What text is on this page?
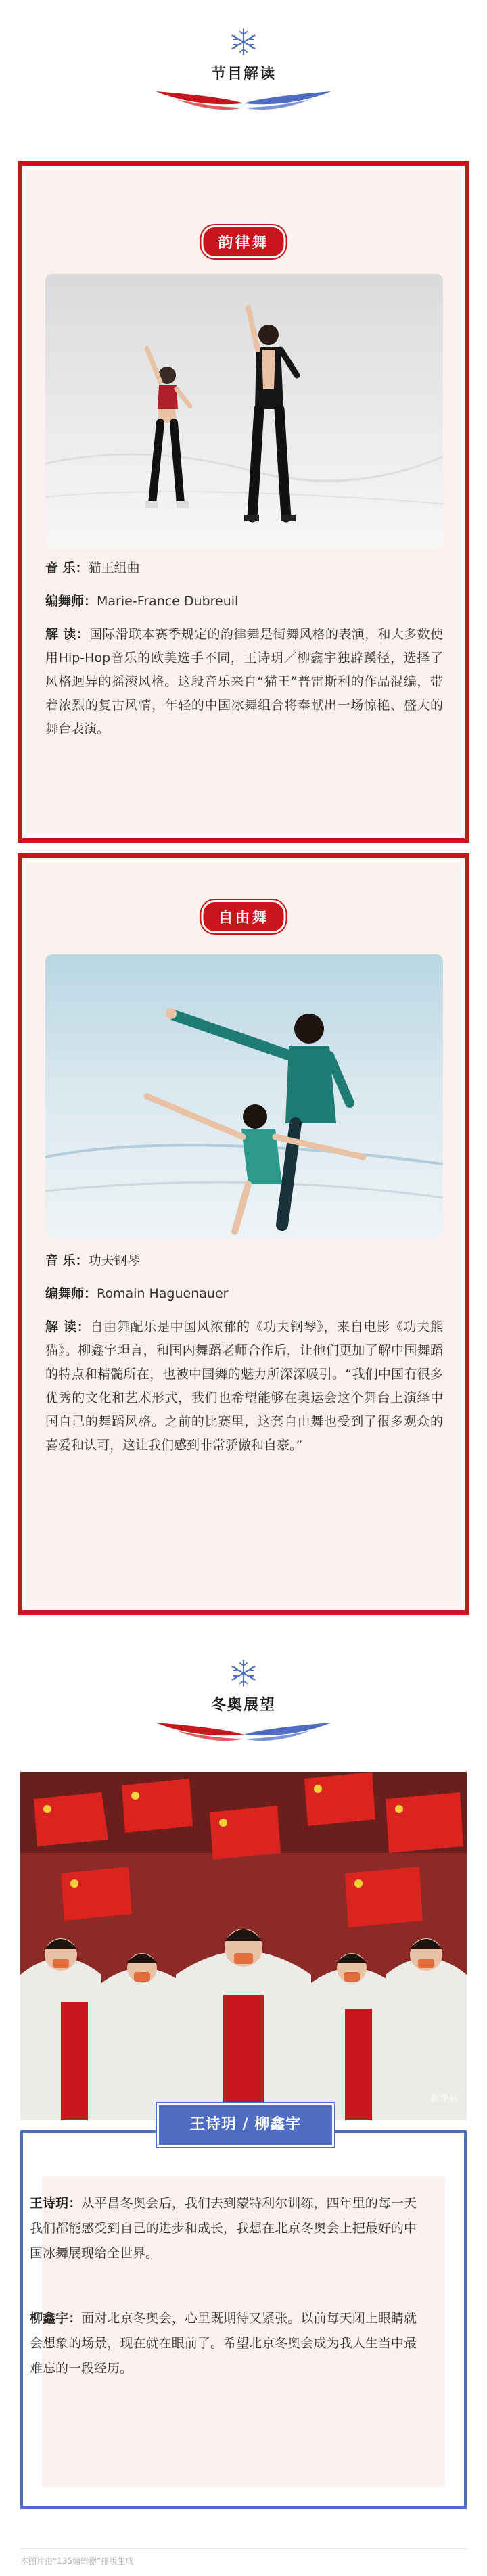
节目解读
韵律舞

音 乐：猫王组曲

编舞师：Marie-France Dubreuil

解 读：国际滑联本赛季规定的韵律舞是街舞风格的表演，和大多数使用Hip-Hop音乐的欧美选手不同，王诗玥／柳鑫宇独辟蹊径，选择了风格迥异的摇滚风格。这段音乐来自“猫王”普雷斯利的作品混编，带着浓烈的复古风情，年轻的中国冰舞组合将奉献出一场惊艳、盛大的舞台表演。

自由舞

音 乐：功夫钢琴

编舞师：Romain Haguenauer

解 读：自由舞配乐是中国风浓郁的《功夫钢琴》，来自电影《功夫熊猫》。柳鑫宇坦言，和国内舞蹈老师合作后，让他们更加了解中国舞蹈的特点和精髓所在，也被中国舞的魅力所深深吸引。“我们中国有很多优秀的文化和艺术形式，我们也希望能够在奥运会这个舞台上演绎中国自己的舞蹈风格。之前的比赛里，这套自由舞也受到了很多观众的喜爱和认可，这让我们感到非常骄傲和自豪。”

冬奥展望
新华社
王诗玥 / 柳鑫宇
王诗玥：从平昌冬奥会后，我们去到蒙特利尔训练，四年里的每一天我们都能感受到自己的进步和成长，我想在北京冬奥会上把最好的中国冰舞展现给全世界。
柳鑫宇：面对北京冬奥会，心里既期待又紧张。以前每天闭上眼睛就会想象的场景，现在就在眼前了。希望北京冬奥会成为我人生当中最难忘的一段经历。
本图片由“135编辑器”排版生成
